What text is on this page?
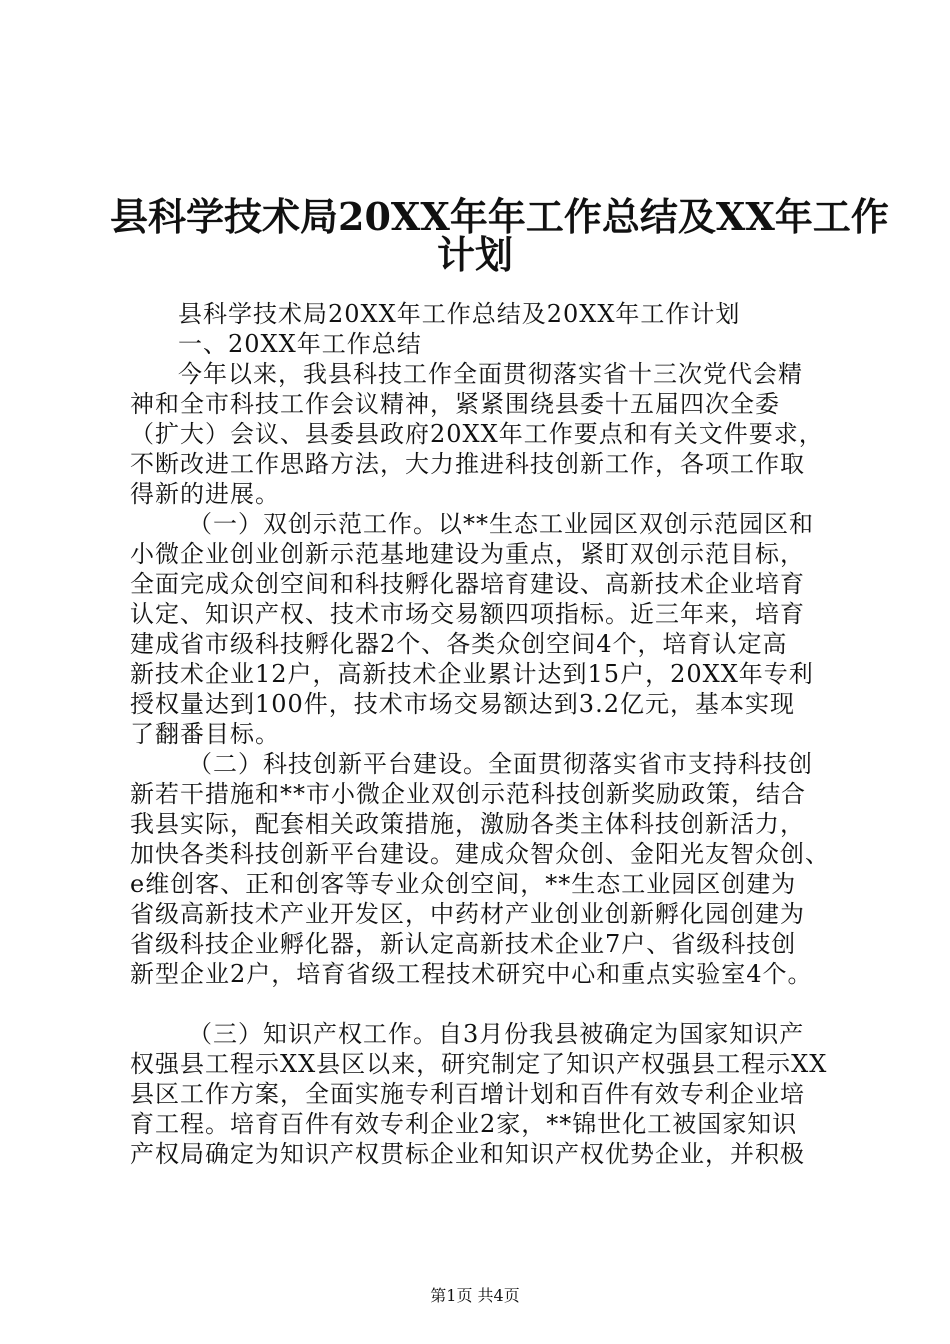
县科学技术局20XX年年工作总结及XX年工作
计划
县科学技术局20XX年工作总结及20XX年工作计划
一、20XX年工作总结
今年以来，我县科技工作全面贯彻落实省十三次党代会精
神和全市科技工作会议精神，紧紧围绕县委十五届四次全委
（扩大）会议、县委县政府20XX年工作要点和有关文件要求，
不断改进工作思路方法，大力推进科技创新工作，各项工作取
得新的进展。
（一）双创示范工作。以**生态工业园区双创示范园区和
小微企业创业创新示范基地建设为重点，紧盯双创示范目标，
全面完成众创空间和科技孵化器培育建设、高新技术企业培育
认定、知识产权、技术市场交易额四项指标。近三年来，培育
建成省市级科技孵化器2个、各类众创空间4个，培育认定高
新技术企业12户，高新技术企业累计达到15户，20XX年专利
授权量达到100件，技术市场交易额达到3.2亿元，基本实现
了翻番目标。
（二）科技创新平台建设。全面贯彻落实省市支持科技创
新若干措施和**市小微企业双创示范科技创新奖励政策，结合
我县实际，配套相关政策措施，激励各类主体科技创新活力，
加快各类科技创新平台建设。建成众智众创、金阳光友智众创、
e维创客、正和创客等专业众创空间，**生态工业园区创建为
省级高新技术产业开发区，中药材产业创业创新孵化园创建为
省级科技企业孵化器，新认定高新技术企业7户、省级科技创
新型企业2户，培育省级工程技术研究中心和重点实验室4个。
（三）知识产权工作。自3月份我县被确定为国家知识产
权强县工程示XX县区以来，研究制定了知识产权强县工程示XX
县区工作方案，全面实施专利百增计划和百件有效专利企业培
育工程。培育百件有效专利企业2家，**锦世化工被国家知识
产权局确定为知识产权贯标企业和知识产权优势企业，并积极
第1页 共4页
